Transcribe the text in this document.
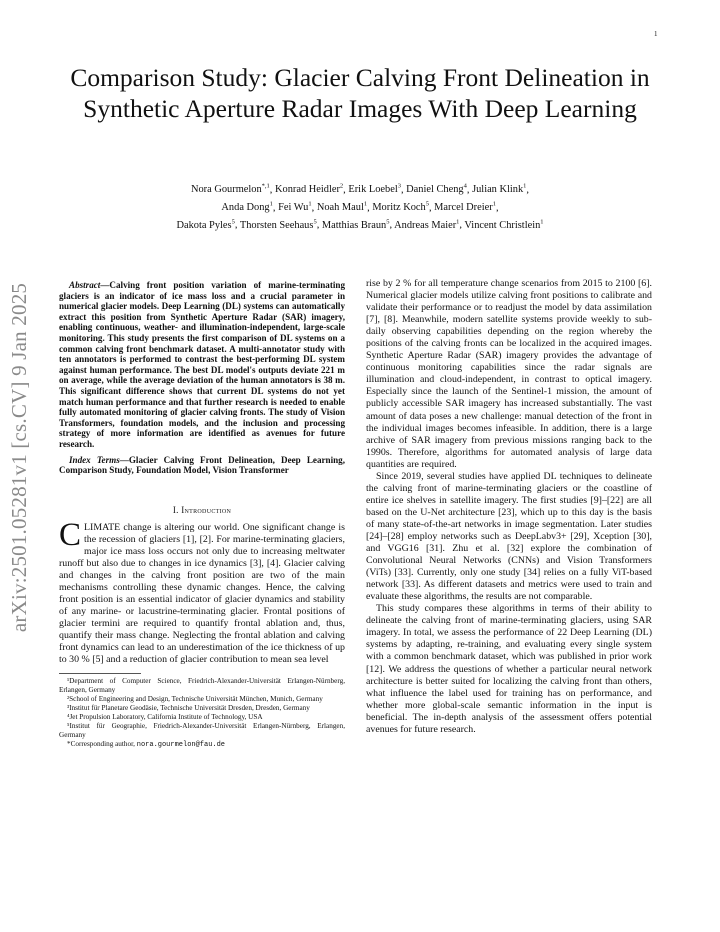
1
arXiv:2501.05281v1 [cs.CV] 9 Jan 2025
Comparison Study: Glacier Calving Front Delineation in Synthetic Aperture Radar Images With Deep Learning
Nora Gourmelon$^{*,1}$, Konrad Heidler$^2$, Erik Loebel$^3$, Daniel Cheng$^4$, Julian Klink$^1$,
Anda Dong$^1$, Fei Wu$^1$, Noah Maul$^1$, Moritz Koch$^5$, Marcel Dreier$^1$,
Dakota Pyles$^5$, Thorsten Seehaus$^5$, Matthias Braun$^5$, Andreas Maier$^1$, Vincent Christlein$^1$

Abstract—Calving front position variation of marine-terminating glaciers is an indicator of ice mass loss and a crucial parameter in numerical glacier models. Deep Learning (DL) systems can automatically extract this position from Synthetic Aperture Radar (SAR) imagery, enabling continuous, weather- and illumination-independent, large-scale monitoring. This study presents the first comparison of DL systems on a common calving front benchmark dataset. A multi-annotator study with ten annotators is performed to contrast the best-performing DL system against human performance. The best DL model's outputs deviate 221 m on average, while the average deviation of the human annotators is 38 m. This significant difference shows that current DL systems do not yet match human performance and that further research is needed to enable fully automated monitoring of glacier calving fronts. The study of Vision Transformers, foundation models, and the inclusion and processing strategy of more information are identified as avenues for future research.

Index Terms—Glacier Calving Front Delineation, Deep Learning, Comparison Study, Foundation Model, Vision Transformer

I. Introduction

CLIMATE change is altering our world. One significant change is the recession of glaciers [1], [2]. For marine-terminating glaciers, major ice mass loss occurs not only due to increasing meltwater runoff but also due to changes in ice dynamics [3], [4]. Glacier calving and changes in the calving front position are two of the main mechanisms controlling these dynamic changes. Hence, the calving front position is an essential indicator of glacier dynamics and stability of any marine- or lacustrine-terminating glacier. Frontal positions of glacier termini are required to quantify frontal ablation and, thus, quantify their mass change. Neglecting the frontal ablation and calving front dynamics can lead to an underestimation of the ice thickness of up to 30 % [5] and a reduction of glacier contribution to mean sea level

¹Department of Computer Science, Friedrich-Alexander-Universität Erlangen-Nürnberg, Erlangen, Germany
²School of Engineering and Design, Technische Universität München, Munich, Germany
³Institut für Planetare Geodäsie, Technische Universität Dresden, Dresden, Germany
⁴Jet Propulsion Laboratory, California Institute of Technology, USA
⁵Institut für Geographie, Friedrich-Alexander-Universität Erlangen-Nürnberg, Erlangen, Germany
*Corresponding author, nora.gourmelon@fau.de

rise by 2 % for all temperature change scenarios from 2015 to 2100 [6]. Numerical glacier models utilize calving front positions to calibrate and validate their performance or to readjust the model by data assimilation [7], [8]. Meanwhile, modern satellite systems provide weekly to sub-daily observing capabilities depending on the region whereby the positions of the calving fronts can be localized in the acquired images. Synthetic Aperture Radar (SAR) imagery provides the advantage of continuous monitoring capabilities since the radar signals are illumination and cloud-independent, in contrast to optical imagery. Especially since the launch of the Sentinel-1 mission, the amount of publicly accessible SAR imagery has increased substantially. The vast amount of data poses a new challenge: manual detection of the front in the individual images becomes infeasible. In addition, there is a large archive of SAR imagery from previous missions ranging back to the 1990s. Therefore, algorithms for automated analysis of large data quantities are required.

Since 2019, several studies have applied DL techniques to delineate the calving front of marine-terminating glaciers or the coastline of entire ice shelves in satellite imagery. The first studies [9]–[22] are all based on the U-Net architecture [23], which up to this day is the basis of many state-of-the-art networks in image segmentation. Later studies [24]–[28] employ networks such as DeepLabv3+ [29], Xception [30], and VGG16 [31]. Zhu et al. [32] explore the combination of Convolutional Neural Networks (CNNs) and Vision Transformers (ViTs) [33]. Currently, only one study [34] relies on a fully ViT-based network [33]. As different datasets and metrics were used to train and evaluate these algorithms, the results are not comparable.

This study compares these algorithms in terms of their ability to delineate the calving front of marine-terminating glaciers, using SAR imagery. In total, we assess the performance of 22 Deep Learning (DL) systems by adapting, re-training, and evaluating every single system with a common benchmark dataset, which was published in prior work [12]. We address the questions of whether a particular neural network architecture is better suited for localizing the calving front than others, what influence the label used for training has on performance, and whether more global-scale semantic information in the input is beneficial. The in-depth analysis of the assessment offers potential avenues for future research.
